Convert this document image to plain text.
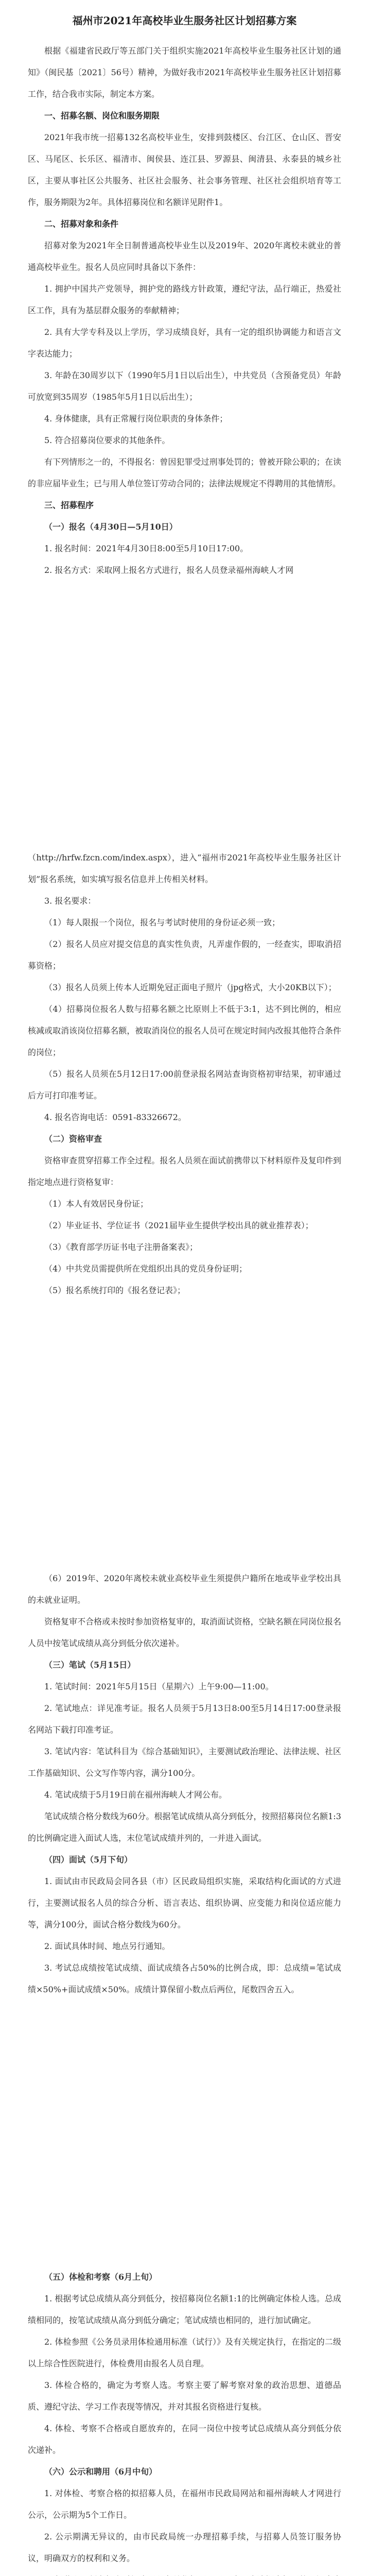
福州市2021年高校毕业生服务社区计划招募方案

根据《福建省民政厅等五部门关于组织实施2021年高校毕业生服务社区计划的通知》（闽民基〔2021〕56号）精神，为做好我市2021年高校毕业生服务社区计划招募工作，结合我市实际，制定本方案。

一、招募名额、岗位和服务期限

2021年我市统一招募132名高校毕业生，安排到鼓楼区、台江区、仓山区、晋安区、马尾区、长乐区、福清市、闽侯县、连江县、罗源县、闽清县、永泰县的城乡社区，主要从事社区公共服务、社区社会服务、社会事务管理、社区社会组织培育等工作，服务期限为2年。具体招募岗位和名额详见附件1。

二、招募对象和条件

招募对象为2021年全日制普通高校毕业生以及2019年、2020年离校未就业的普通高校毕业生。报名人员应同时具备以下条件：

1. 拥护中国共产党领导，拥护党的路线方针政策，遵纪守法，品行端正，热爱社区工作，具有为基层群众服务的奉献精神；

2. 具有大学专科及以上学历，学习成绩良好，具有一定的组织协调能力和语言文字表达能力；

3. 年龄在30周岁以下（1990年5月1日以后出生），中共党员（含预备党员）年龄可放宽到35周岁（1985年5月1日以后出生）；

4. 身体健康，具有正常履行岗位职责的身体条件；

5. 符合招募岗位要求的其他条件。

有下列情形之一的，不得报名：曾因犯罪受过刑事处罚的；曾被开除公职的；在读的非应届毕业生；已与用人单位签订劳动合同的；法律法规规定不得聘用的其他情形。

三、招募程序

（一）报名（4月30日—5月10日）

1. 报名时间：2021年4月30日8:00至5月10日17:00。

2. 报名方式：采取网上报名方式进行，报名人员登录福州海峡人才网

（http://hrfw.fzcn.com/index.aspx），进入“福州市2021年高校毕业生服务社区计划”报名系统，如实填写报名信息并上传相关材料。

3. 报名要求：

（1）每人限报一个岗位，报名与考试时使用的身份证必须一致；

（2）报名人员应对提交信息的真实性负责，凡弄虚作假的，一经查实，即取消招募资格；

（3）报名人员须上传本人近期免冠正面电子照片（jpg格式，大小20KB以下）；

（4）招募岗位报名人数与招募名额之比原则上不低于3:1，达不到比例的，相应核减或取消该岗位招募名额，被取消岗位的报名人员可在规定时间内改报其他符合条件的岗位；

（5）报名人员须在5月12日17:00前登录报名网站查询资格初审结果，初审通过后方可打印准考证。

4. 报名咨询电话：0591-83326672。

（二）资格审查

资格审查贯穿招募工作全过程。报名人员须在面试前携带以下材料原件及复印件到指定地点进行资格复审：

（1）本人有效居民身份证；

（2）毕业证书、学位证书（2021届毕业生提供学校出具的就业推荐表）；

（3）《教育部学历证书电子注册备案表》；

（4）中共党员需提供所在党组织出具的党员身份证明；

（5）报名系统打印的《报名登记表》；

（6）2019年、2020年离校未就业高校毕业生须提供户籍所在地或毕业学校出具的未就业证明。

资格复审不合格或未按时参加资格复审的，取消面试资格，空缺名额在同岗位报名人员中按笔试成绩从高分到低分依次递补。

（三）笔试（5月15日）

1. 笔试时间：2021年5月15日（星期六）上午9:00—11:00。

2. 笔试地点：详见准考证。报名人员须于5月13日8:00至5月14日17:00登录报名网站下载打印准考证。

3. 笔试内容：笔试科目为《综合基础知识》，主要测试政治理论、法律法规、社区工作基础知识、公文写作等内容，满分100分。

4. 笔试成绩于5月19日前在福州海峡人才网公布。

笔试成绩合格分数线为60分。根据笔试成绩从高分到低分，按照招募岗位名额1:3的比例确定进入面试人选，末位笔试成绩并列的，一并进入面试。

（四）面试（5月下旬）

1. 面试由市民政局会同各县（市）区民政局组织实施，采取结构化面试的方式进行，主要测试报名人员的综合分析、语言表达、组织协调、应变能力和岗位适应能力等，满分100分，面试合格分数线为60分。

2. 面试具体时间、地点另行通知。

3. 考试总成绩按笔试成绩、面试成绩各占50%的比例合成，即：总成绩=笔试成绩×50%+面试成绩×50%。成绩计算保留小数点后两位，尾数四舍五入。

（五）体检和考察（6月上旬）

1. 根据考试总成绩从高分到低分，按招募岗位名额1:1的比例确定体检人选。总成绩相同的，按笔试成绩从高分到低分确定；笔试成绩也相同的，进行加试确定。

2. 体检参照《公务员录用体检通用标准（试行）》及有关规定执行，在指定的二级以上综合性医院进行，体检费用由报名人员自理。

3. 体检合格的，确定为考察人选。考察主要了解考察对象的政治思想、道德品质、遵纪守法、学习工作表现等情况，并对其报名资格进行复核。

4. 体检、考察不合格或自愿放弃的，在同一岗位中按考试总成绩从高分到低分依次递补。

（六）公示和聘用（6月中旬）

1. 对体检、考察合格的拟招募人员，在福州市民政局网站和福州海峡人才网进行公示，公示期为5个工作日。

2. 公示期满无异议的，由市民政局统一办理招募手续，与招募人员签订服务协议，明确双方的权利和义务。
